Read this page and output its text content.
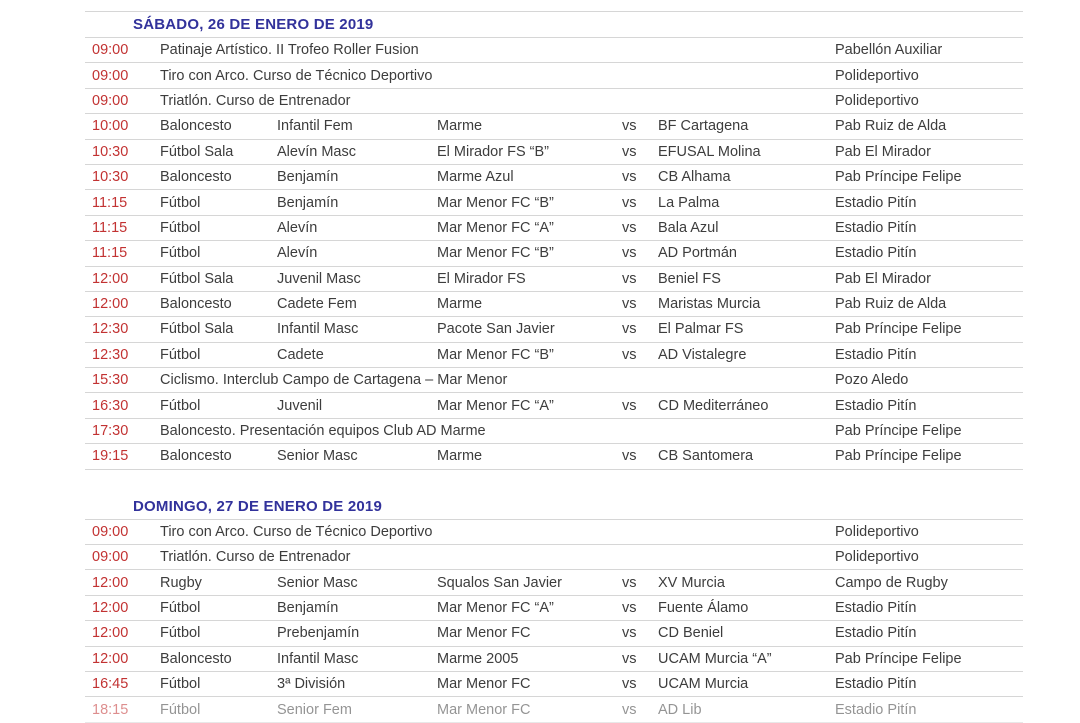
SÁBADO, 26 DE ENERO DE 2019
09:00	Patinaje Artístico. II Trofeo Roller Fusion	Pabellón Auxiliar
09:00	Tiro con Arco. Curso de Técnico Deportivo	Polideportivo
09:00	Triatlón. Curso de Entrenador	Polideportivo
10:00	Baloncesto	Infantil Fem	Marme	vs	BF Cartagena	Pab Ruiz de Alda
10:30	Fútbol Sala	Alevín Masc	El Mirador FS “B”	vs	EFUSAL Molina	Pab El Mirador
10:30	Baloncesto	Benjamín	Marme Azul	vs	CB Alhama	Pab Príncipe Felipe
11:15	Fútbol	Benjamín	Mar Menor FC “B”	vs	La Palma	Estadio Pitín
11:15	Fútbol	Alevín	Mar Menor FC “A”	vs	Bala Azul	Estadio Pitín
11:15	Fútbol	Alevín	Mar Menor FC “B”	vs	AD Portmán	Estadio Pitín
12:00	Fútbol Sala	Juvenil Masc	El Mirador FS	vs	Beniel FS	Pab El Mirador
12:00	Baloncesto	Cadete Fem	Marme	vs	Maristas Murcia	Pab Ruiz de Alda
12:30	Fútbol Sala	Infantil Masc	Pacote San Javier	vs	El Palmar FS	Pab Príncipe Felipe
12:30	Fútbol	Cadete	Mar Menor FC “B”	vs	AD Vistalegre	Estadio Pitín
15:30	Ciclismo. Interclub Campo de Cartagena – Mar Menor	Pozo Aledo
16:30	Fútbol	Juvenil	Mar Menor FC “A”	vs	CD Mediterráneo	Estadio Pitín
17:30	Baloncesto. Presentación equipos Club AD Marme	Pab Príncipe Felipe
19:15	Baloncesto	Senior Masc	Marme	vs	CB Santomera	Pab Príncipe Felipe
DOMINGO, 27 DE ENERO DE 2019
09:00	Tiro con Arco. Curso de Técnico Deportivo	Polideportivo
09:00	Triatlón. Curso de Entrenador	Polideportivo
12:00	Rugby	Senior Masc	Squalos San Javier	vs	XV Murcia	Campo de Rugby
12:00	Fútbol	Benjamín	Mar Menor FC “A”	vs	Fuente Álamo	Estadio Pitín
12:00	Fútbol	Prebenjamín	Mar Menor FC	vs	CD Beniel	Estadio Pitín
12:00	Baloncesto	Infantil Masc	Marme 2005	vs	UCAM Murcia “A”	Pab Príncipe Felipe
16:45	Fútbol	3ª División	Mar Menor FC	vs	UCAM Murcia	Estadio Pitín
18:15	Fútbol	Senior Fem	Mar Menor FC	vs	AD Lib	Estadio Pitín
